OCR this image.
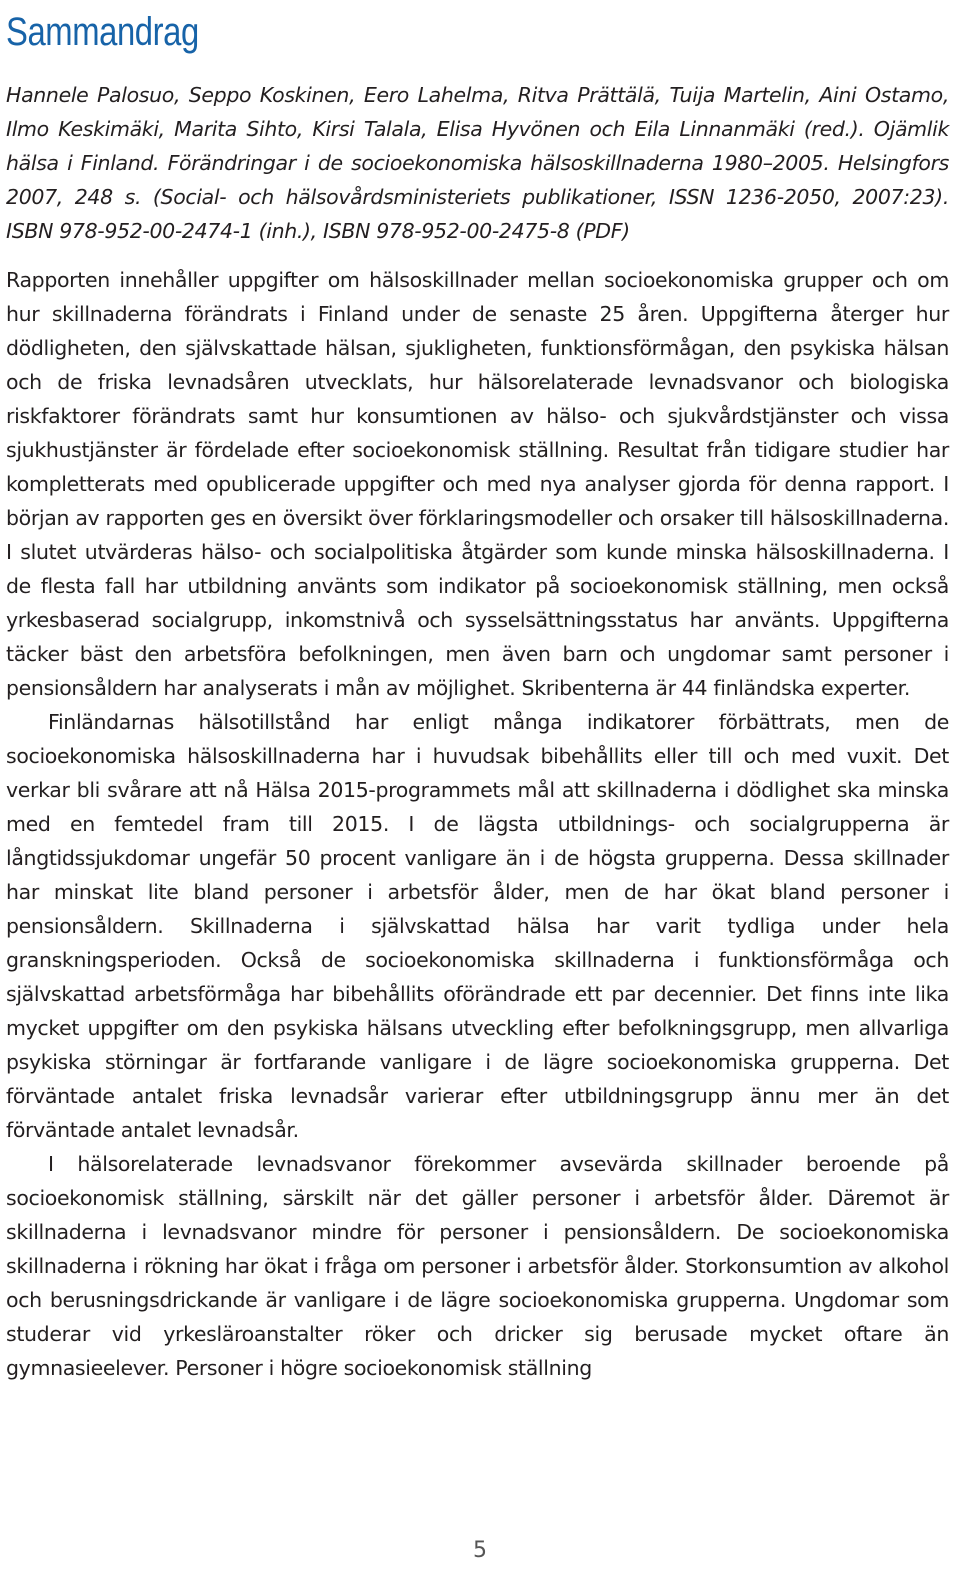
Sammandrag
Hannele Palosuo, Seppo Koskinen, Eero Lahelma, Ritva Prättälä, Tuija Martelin, Aini Ostamo, Ilmo Keskimäki, Marita Sihto, Kirsi Talala, Elisa Hyvönen och Eila Linnanmäki (red.). Ojämlik hälsa i Finland. Förändringar i de socioekonomiska hälsoskillnaderna 1980–2005. Helsingfors 2007, 248 s. (Social- och hälsovårdsministeriets publikationer, ISSN 1236-2050, 2007:23). ISBN 978-952-00-2474-1 (inh.), ISBN 978-952-00-2475-8 (PDF)

Rapporten innehåller uppgifter om hälsoskillnader mellan socioekonomiska grupper och om hur skillnaderna förändrats i Finland under de senaste 25 åren. Uppgifterna återger hur dödligheten, den självskattade hälsan, sjukligheten, funktionsförmågan, den psykiska hälsan och de friska levnadsåren utvecklats, hur hälsorelaterade levnadsvanor och biologiska riskfaktorer förändrats samt hur konsumtionen av hälso- och sjukvårdstjänster och vissa sjukhustjänster är fördelade efter socioekonomisk ställning. Resultat från tidigare studier har kompletterats med opublicerade uppgifter och med nya analyser gjorda för denna rapport. I början av rapporten ges en översikt över förklaringsmodeller och orsaker till hälsoskillnaderna. I slutet utvärderas hälso- och socialpolitiska åtgärder som kunde minska hälsoskillnaderna. I de flesta fall har utbildning använts som indikator på socioekonomisk ställning, men också yrkesbaserad socialgrupp, inkomstnivå och sysselsättningsstatus har använts. Uppgifterna täcker bäst den arbetsföra befolkningen, men även barn och ungdomar samt personer i pensionsåldern har analyserats i mån av möjlighet. Skribenterna är 44 finländska experter.

Finländarnas hälsotillstånd har enligt många indikatorer förbättrats, men de socioekonomiska hälsoskillnaderna har i huvudsak bibehållits eller till och med vuxit. Det verkar bli svårare att nå Hälsa 2015-programmets mål att skillnaderna i dödlighet ska minska med en femtedel fram till 2015. I de lägsta utbildnings- och socialgrupperna är långtidssjukdomar ungefär 50 procent vanligare än i de högsta grupperna. Dessa skillnader har minskat lite bland personer i arbetsför ålder, men de har ökat bland personer i pensionsåldern. Skillnaderna i självskattad hälsa har varit tydliga under hela granskningsperioden. Också de socioekonomiska skillnaderna i funktionsförmåga och självskattad arbetsförmåga har bibehållits oförändrade ett par decennier. Det finns inte lika mycket uppgifter om den psykiska hälsans utveckling efter befolkningsgrupp, men allvarliga psykiska störningar är fortfarande vanligare i de lägre socioekonomiska grupperna. Det förväntade antalet friska levnadsår varierar efter utbildningsgrupp ännu mer än det förväntade antalet levnadsår.

I hälsorelaterade levnadsvanor förekommer avsevärda skillnader beroende på socioekonomisk ställning, särskilt när det gäller personer i arbetsför ålder. Däremot är skillnaderna i levnadsvanor mindre för personer i pensionsåldern. De socioekonomiska skillnaderna i rökning har ökat i fråga om personer i arbetsför ålder. Storkonsumtion av alkohol och berusningsdrickande är vanligare i de lägre socioekonomiska grupperna. Ungdomar som studerar vid yrkesläroanstalter röker och dricker sig berusade mycket oftare än gymnasieelever. Personer i högre socioekonomisk ställning

5
